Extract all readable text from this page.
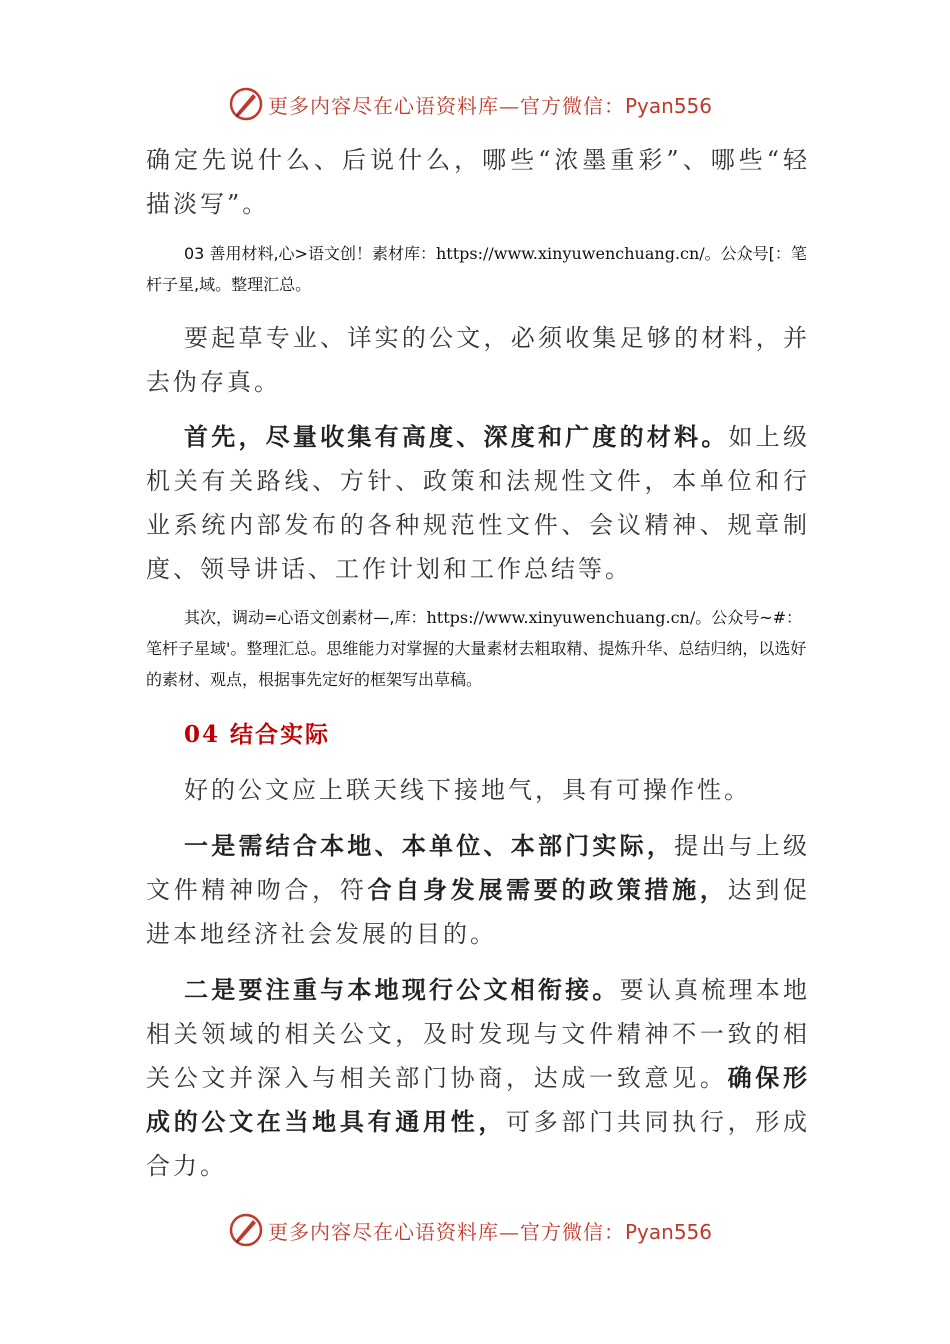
更多内容尽在心语资料库—官方微信：Pyan556

确定先说什么、后说什么，哪些“浓墨重彩”、哪些“轻描淡写”。

03 善用材料,心>语文创！素材库：https://www.xinyuwenchuang.cn/。公众号[：笔杆子星,域。整理汇总。

要起草专业、详实的公文，必须收集足够的材料，并去伪存真。

首先，尽量收集有高度、深度和广度的材料。如上级机关有关路线、方针、政策和法规性文件，本单位和行业系统内部发布的各种规范性文件、会议精神、规章制度、领导讲话、工作计划和工作总结等。

其次，调动=心语文创素材—,库：https://www.xinyuwenchuang.cn/。公众号~#：笔杆子星域'。整理汇总。思维能力对掌握的大量素材去粗取精、提炼升华、总结归纳，以选好的素材、观点，根据事先定好的框架写出草稿。

04 结合实际

好的公文应上联天线下接地气，具有可操作性。

一是需结合本地、本单位、本部门实际，提出与上级文件精神吻合，符合自身发展需要的政策措施，达到促进本地经济社会发展的目的。

二是要注重与本地现行公文相衔接。要认真梳理本地相关领域的相关公文，及时发现与文件精神不一致的相关公文并深入与相关部门协商，达成一致意见。确保形成的公文在当地具有通用性，可多部门共同执行，形成合力。

更多内容尽在心语资料库—官方微信：Pyan556
